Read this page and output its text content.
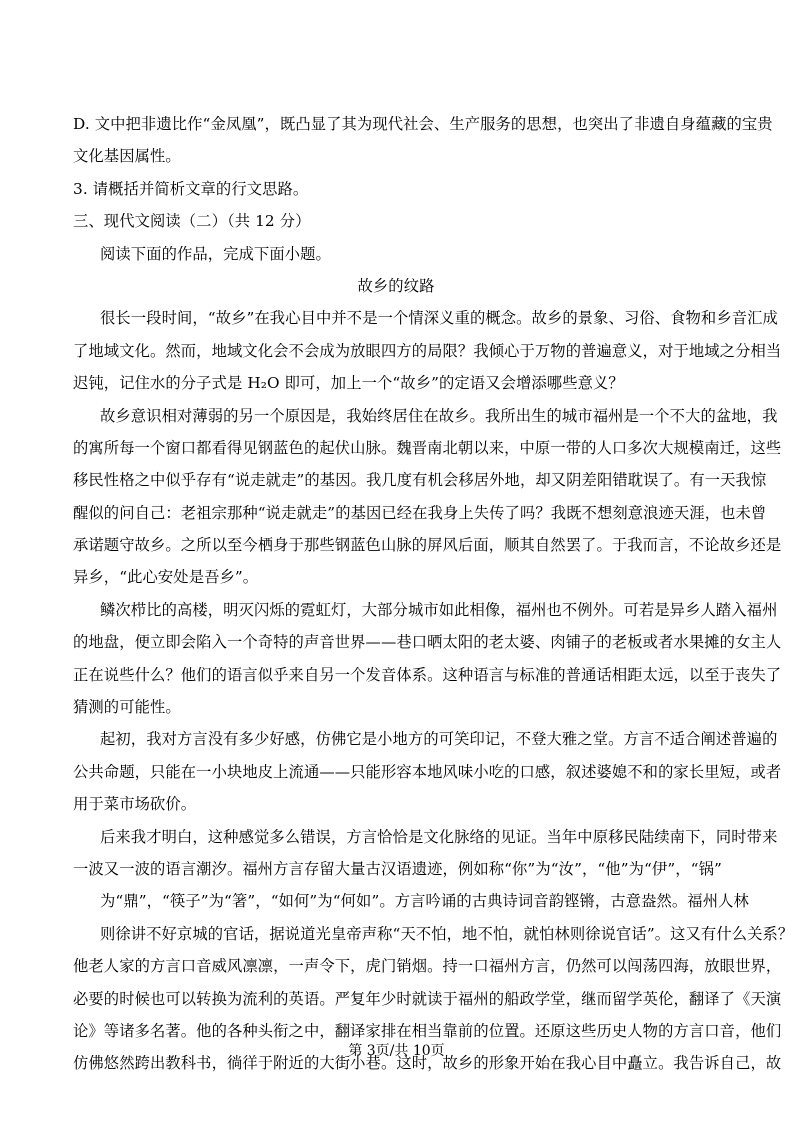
D. 文中把非遗比作“金凤凰”，既凸显了其为现代社会、生产服务的思想，也突出了非遗自身蕴藏的宝贵
文化基因属性。
3. 请概括并简析文章的行文思路。
三、现代文阅读（二）（共 12 分）
阅读下面的作品，完成下面小题。
故乡的纹路
很长一段时间，“故乡”在我心目中并不是一个情深义重的概念。故乡的景象、习俗、食物和乡音汇成
了地域文化。然而，地域文化会不会成为放眼四方的局限？我倾心于万物的普遍意义，对于地域之分相当
迟钝，记住水的分子式是 H₂O 即可，加上一个“故乡”的定语又会增添哪些意义？
故乡意识相对薄弱的另一个原因是，我始终居住在故乡。我所出生的城市福州是一个不大的盆地，我
的寓所每一个窗口都看得见钢蓝色的起伏山脉。魏晋南北朝以来，中原一带的人口多次大规模南迁，这些
移民性格之中似乎存有“说走就走”的基因。我几度有机会移居外地，却又阴差阳错耽误了。有一天我惊
醒似的问自己：老祖宗那种“说走就走”的基因已经在我身上失传了吗？我既不想刻意浪迹天涯，也未曾
承诺题守故乡。之所以至今栖身于那些钢蓝色山脉的屏风后面，顺其自然罢了。于我而言，不论故乡还是
异乡，“此心安处是吾乡”。
鳞次栉比的高楼，明灭闪烁的霓虹灯，大部分城市如此相像，福州也不例外。可若是异乡人踏入福州
的地盘，便立即会陷入一个奇特的声音世界——巷口晒太阳的老太婆、肉铺子的老板或者水果摊的女主人
正在说些什么？他们的语言似乎来自另一个发音体系。这种语言与标准的普通话相距太远，以至于丧失了
猜测的可能性。
起初，我对方言没有多少好感，仿佛它是小地方的可笑印记，不登大雅之堂。方言不适合阐述普遍的
公共命题，只能在一小块地皮上流通——只能形容本地风味小吃的口感，叙述婆媳不和的家长里短，或者
用于菜市场砍价。
后来我才明白，这种感觉多么错误，方言恰恰是文化脉络的见证。当年中原移民陆续南下，同时带来
一波又一波的语言潮汐。福州方言存留大量古汉语遗迹，例如称“你”为“汝”，“他”为“伊”，“锅”
为“鼎”，“筷子”为“箸”，“如何”为“何如”。方言吟诵的古典诗词音韵铿锵，古意盎然。福州人林
则徐讲不好京城的官话，据说道光皇帝声称“天不怕，地不怕，就怕林则徐说官话”。这又有什么关系？
他老人家的方言口音威风凛凛，一声令下，虎门销烟。持一口福州方言，仍然可以闯荡四海，放眼世界，
必要的时候也可以转换为流利的英语。严复年少时就读于福州的船政学堂，继而留学英伦，翻译了《天演
论》等诸多名著。他的各种头衔之中，翻译家排在相当靠前的位置。还原这些历史人物的方言口音，他们
仿佛悠然跨出教科书，徜徉于附近的大街小巷。这时，故乡的形象开始在我心目中矗立。我告诉自己，故
第 3页/共 10页
